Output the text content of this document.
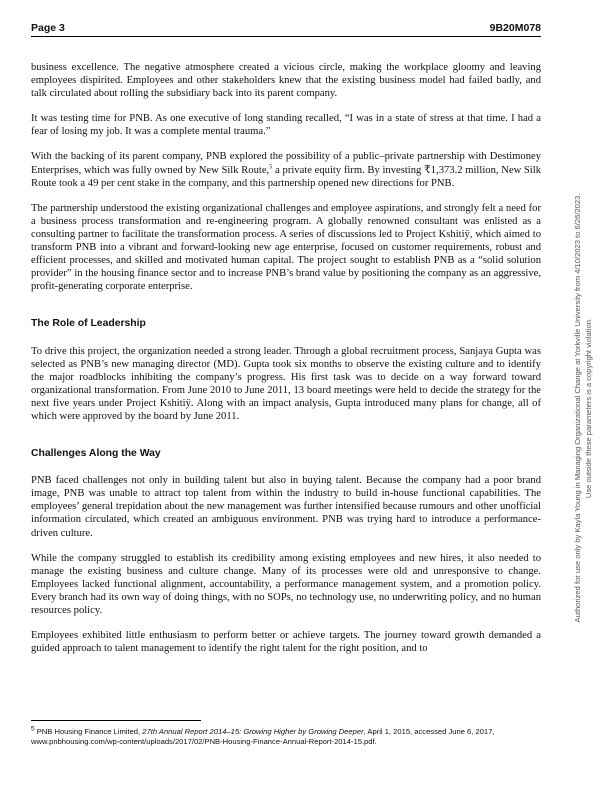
Page 3	9B20M078

business excellence. The negative atmosphere created a vicious circle, making the workplace gloomy and leaving employees dispirited. Employees and other stakeholders knew that the existing business model had failed badly, and talk circulated about rolling the subsidiary back into its parent company.

It was testing time for PNB. As one executive of long standing recalled, “I was in a state of stress at that time. I had a fear of losing my job. It was a complete mental trauma.”

With the backing of its parent company, PNB explored the possibility of a public–private partnership with Destimoney Enterprises, which was fully owned by New Silk Route,$^5$ a private equity firm. By investing ₹1,373.2 million, New Silk Route took a 49 per cent stake in the company, and this partnership opened new directions for PNB.

The partnership understood the existing organizational challenges and employee aspirations, and strongly felt a need for a business process transformation and re-engineering program. A globally renowned consultant was enlisted as a consulting partner to facilitate the transformation process. A series of discussions led to Project Kshitiÿ, which aimed to transform PNB into a vibrant and forward-looking new age enterprise, focused on customer requirements, robust and efficient processes, and skilled and motivated human capital. The project sought to establish PNB as a “solid solution provider” in the housing finance sector and to increase PNB’s brand value by positioning the company as an aggressive, profit-generating corporate enterprise.

The Role of Leadership

To drive this project, the organization needed a strong leader. Through a global recruitment process, Sanjaya Gupta was selected as PNB’s new managing director (MD). Gupta took six months to observe the existing culture and to identify the major roadblocks inhibiting the company’s progress. His first task was to decide on a way forward toward organizational transformation. From June 2010 to June 2011, 13 board meetings were held to decide the strategy for the next five years under Project Kshitiÿ. Along with an impact analysis, Gupta introduced many plans for change, all of which were approved by the board by June 2011.

Challenges Along the Way

PNB faced challenges not only in building talent but also in buying talent. Because the company had a poor brand image, PNB was unable to attract top talent from within the industry to build in-house functional capabilities. The employees’ general trepidation about the new management was further intensified because rumours and other unofficial information circulated, which created an ambiguous environment. PNB was trying hard to introduce a performance-driven culture.

While the company struggled to establish its credibility among existing employees and new hires, it also needed to manage the existing business and culture change. Many of its processes were old and unresponsive to change. Employees lacked functional alignment, accountability, a performance management system, and a promotion policy. Every branch had its own way of doing things, with no SOPs, no technology use, no underwriting policy, and no human resources policy.

Employees exhibited little enthusiasm to perform better or achieve targets. The journey toward growth demanded a guided approach to talent management to identify the right talent for the right position, and to

$^5$ PNB Housing Finance Limited, 27th Annual Report 2014–15: Growing Higher by Growing Deeper, April 1, 2015, accessed June 6, 2017, www.pnbhousing.com/wp-content/uploads/2017/02/PNB-Housing-Finance-Annual-Report-2014-15.pdf.
Authorized for use only by Kayla Young in Managing Organizational Change at Yorkville University from 4/10/2023 to 6/26/2023. Use outside these parameters is a copyright violation.
